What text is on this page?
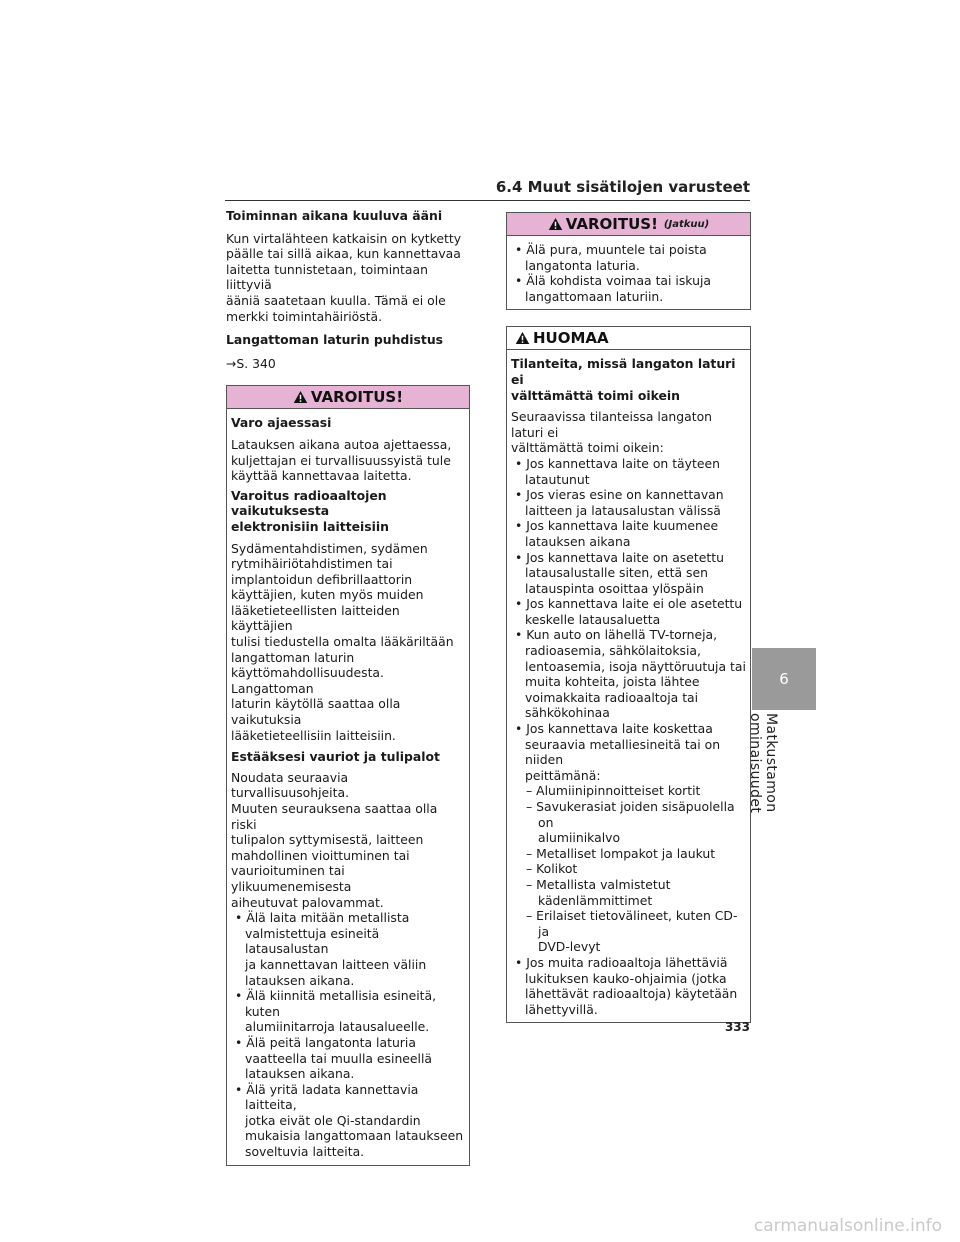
6.4 Muut sisätilojen varusteet

Toiminnan aikana kuuluva ääni

Kun virtalähteen katkaisin on kytketty

päälle tai sillä aikaa, kun kannettavaa

laitetta tunnistetaan, toimintaan liittyviä

ääniä saatetaan kuulla. Tämä ei ole

merkki toimintahäiriöstä.

Langattoman laturin puhdistus

→S. 340

VAROITUS!

Varo ajaessasi

Latauksen aikana autoa ajettaessa,

kuljettajan ei turvallisuussyistä tule

käyttää kannettavaa laitetta.

Varoitus radioaaltojen vaikutuksesta

elektronisiin laitteisiin

Sydämentahdistimen, sydämen

rytmihäiriötahdistimen tai

implantoidun defibrillaattorin

käyttäjien, kuten myös muiden

lääketieteellisten laitteiden käyttäjien

tulisi tiedustella omalta lääkäriltään

langattoman laturin

käyttömahdollisuudesta. Langattoman

laturin käytöllä saattaa olla vaikutuksia

lääketieteellisiin laitteisiin.

Estääksesi vauriot ja tulipalot

Noudata seuraavia turvallisuusohjeita.

Muuten seurauksena saattaa olla riski

tulipalon syttymisestä, laitteen

mahdollinen vioittuminen tai

vaurioituminen tai ylikuumenemisesta

aiheutuvat palovammat.

• Älä laita mitään metallista

valmistettuja esineitä latausalustan

ja kannettavan laitteen väliin

latauksen aikana.

• Älä kiinnitä metallisia esineitä, kuten

alumiinitarroja latausalueelle.

• Älä peitä langatonta laturia

vaatteella tai muulla esineellä

latauksen aikana.

• Älä yritä ladata kannettavia laitteita,

jotka eivät ole Qi-standardin

mukaisia langattomaan lataukseen

soveltuvia laitteita.

VAROITUS! (Jatkuu)

• Älä pura, muuntele tai poista

langatonta laturia.

• Älä kohdista voimaa tai iskuja

langattomaan laturiin.

HUOMAA

Tilanteita, missä langaton laturi ei

välttämättä toimi oikein

Seuraavissa tilanteissa langaton laturi ei

välttämättä toimi oikein:

• Jos kannettava laite on täyteen

latautunut

• Jos vieras esine on kannettavan

laitteen ja latausalustan välissä

• Jos kannettava laite kuumenee

latauksen aikana

• Jos kannettava laite on asetettu

latausalustalle siten, että sen

latauspinta osoittaa ylöspäin

• Jos kannettava laite ei ole asetettu

keskelle latausaluetta

• Kun auto on lähellä TV-torneja,

radioasemia, sähkölaitoksia,

lentoasemia, isoja näyttöruutuja tai

muita kohteita, joista lähtee

voimakkaita radioaaltoja tai

sähkökohinaa

• Jos kannettava laite koskettaa

seuraavia metalliesineitä tai on niiden

peittämänä:

– Alumiinipinnoitteiset kortit

– Savukerasiat joiden sisäpuolella on

alumiinikalvo

– Metalliset lompakot ja laukut

– Kolikot

– Metallista valmistetut

kädenlämmittimet

– Erilaiset tietovälineet, kuten CD- ja

DVD-levyt

• Jos muita radioaaltoja lähettäviä

lukituksen kauko-ohjaimia (jotka

lähettävät radioaaltoja) käytetään

lähettyvillä.

6
Matkustamon ominaisuudet
333
carmanualsonline.info
